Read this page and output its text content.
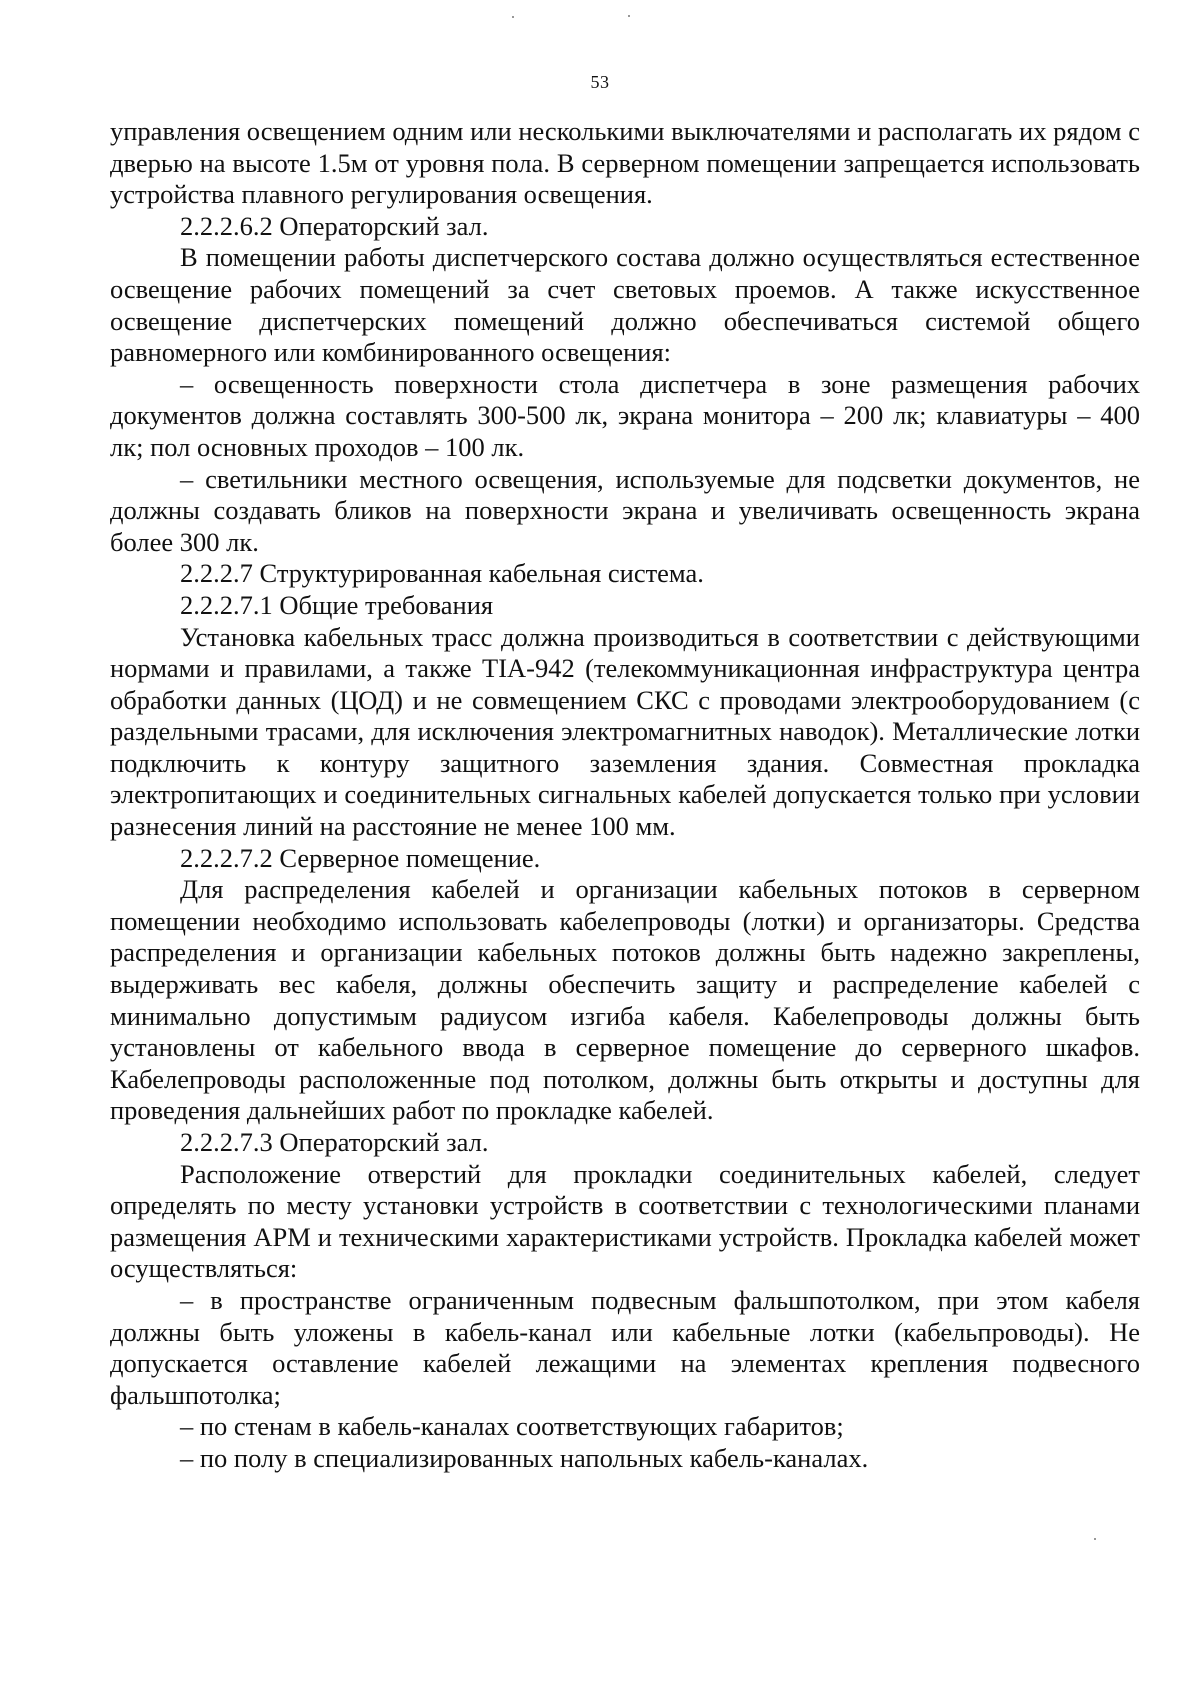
53

управления освещением одним или несколькими выключателями и располагать их рядом с дверью на высоте 1.5м от уровня пола. В серверном помещении запрещается использовать устройства плавного регулирования освещения.

2.2.2.6.2 Операторский зал.

В помещении работы диспетчерского состава должно осуществляться естественное освещение рабочих помещений за счет световых проемов. А также искусственное освещение диспетчерских помещений должно обеспечиваться системой общего равномерного или комбинированного освещения:

– освещенность поверхности стола диспетчера в зоне размещения рабочих документов должна составлять 300-500 лк, экрана монитора – 200 лк; клавиатуры – 400 лк; пол основных проходов – 100 лк.

– светильники местного освещения, используемые для подсветки документов, не должны создавать бликов на поверхности экрана и увеличивать освещенность экрана более 300 лк.

2.2.2.7 Структурированная кабельная система.

2.2.2.7.1 Общие требования

Установка кабельных трасс должна производиться в соответствии с действующими нормами и правилами, а также TIA-942 (телекоммуникационная инфраструктура центра обработки данных (ЦОД) и не совмещением СКС с проводами электрооборудованием (с раздельными трасами, для исключения электромагнитных наводок). Металлические лотки подключить к контуру защитного заземления здания. Совместная прокладка электропитающих и соединительных сигнальных кабелей допускается только при условии разнесения линий на расстояние не менее 100 мм.

2.2.2.7.2 Серверное помещение.

Для распределения кабелей и организации кабельных потоков в серверном помещении необходимо использовать кабелепроводы (лотки) и организаторы. Средства распределения и организации кабельных потоков должны быть надежно закреплены, выдерживать вес кабеля, должны обеспечить защиту и распределение кабелей с минимально допустимым радиусом изгиба кабеля. Кабелепроводы должны быть установлены от кабельного ввода в серверное помещение до серверного шкафов. Кабелепроводы расположенные под потолком, должны быть открыты и доступны для проведения дальнейших работ по прокладке кабелей.

2.2.2.7.3 Операторский зал.

Расположение отверстий для прокладки соединительных кабелей, следует определять по месту установки устройств в соответствии с технологическими планами размещения АРМ и техническими характеристиками устройств. Прокладка кабелей может осуществляться:

– в пространстве ограниченным подвесным фальшпотолком, при этом кабеля должны быть уложены в кабель-канал или кабельные лотки (кабельпроводы). Не допускается оставление кабелей лежащими на элементах крепления подвесного фальшпотолка;

– по стенам в кабель-каналах соответствующих габаритов;

– по полу в специализированных напольных кабель-каналах.
